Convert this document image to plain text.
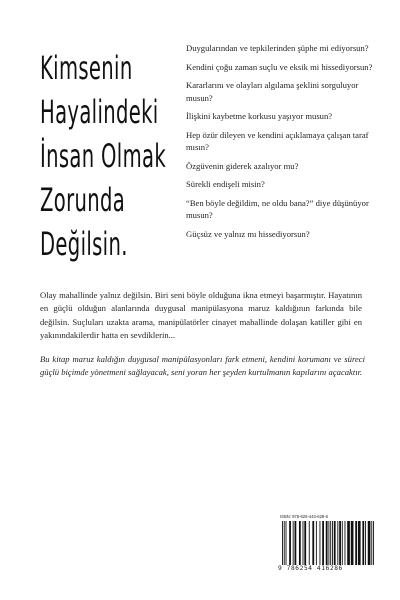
Kimsenin
Hayalindeki
İnsan Olmak
Zorunda
Değilsin.
Duygularından ve tepkilerinden şüphe mi ediyorsun?
Kendini çoğu zaman suçlu ve eksik mi hissediyorsun?
Kararlarını ve olayları algılama şeklini sorguluyor musun?
İlişkini kaybetme korkusu yaşıyor musun?
Hep özür dileyen ve kendini açıklamaya çalışan taraf mısın?
Özgüvenin giderek azalıyor mu?
Sürekli endişeli misin?
“Ben böyle değildim, ne oldu bana?” diye düşünüyor musun?
Güçsüz ve yalnız mı hissediyorsun?

Olay mahallinde yalnız değilsin. Biri seni böyle olduğuna ikna etmeyi başarmıştır. Hayatının en güçlü olduğun alanlarında duygusal manipülasyona maruz kaldığının farkında bile değilsin. Suçluları uzakta arama, manipülatörler cinayet mahallinde dolaşan katiller gibi en yakınındakilerdir hatta en sevdiklerin...

Bu kitap maruz kaldığın duygusal manipülasyonları fark etmeni, kendini korumanı ve süreci güçlü biçimde yönetmeni sağlayacak, seni yoran her şeyden kurtulmanın kapılarını açacaktır.

ISBN: 978-625-443-628-6
9 786254 416286
